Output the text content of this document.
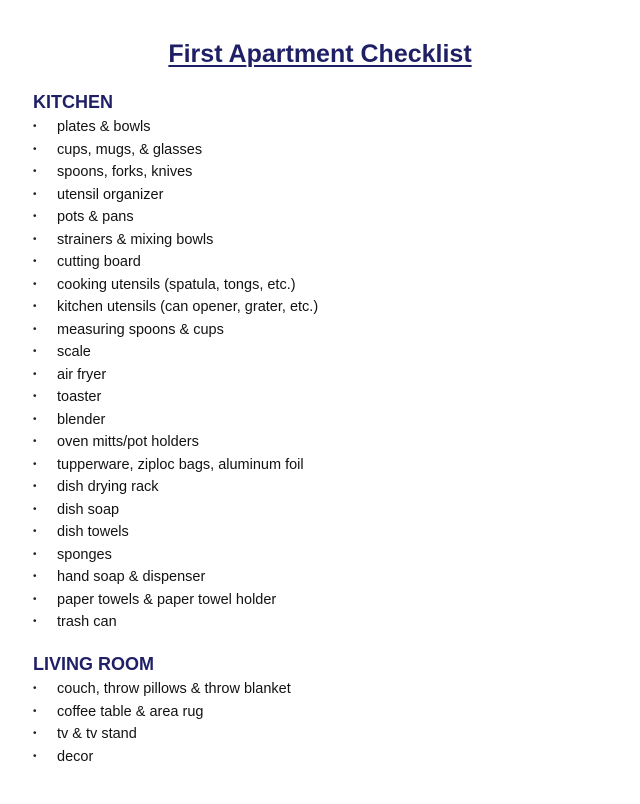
First Apartment Checklist
KITCHEN
• plates & bowls
• cups, mugs, & glasses
• spoons, forks, knives
• utensil organizer
• pots & pans
• strainers & mixing bowls
• cutting board
• cooking utensils (spatula, tongs, etc.)
• kitchen utensils (can opener, grater, etc.)
• measuring spoons & cups
• scale
• air fryer
• toaster
• blender
• oven mitts/pot holders
• tupperware, ziploc bags, aluminum foil
• dish drying rack
• dish soap
• dish towels
• sponges
• hand soap & dispenser
• paper towels & paper towel holder
• trash can
LIVING ROOM
• couch, throw pillows & throw blanket
• coffee table & area rug
• tv & tv stand
• decor
